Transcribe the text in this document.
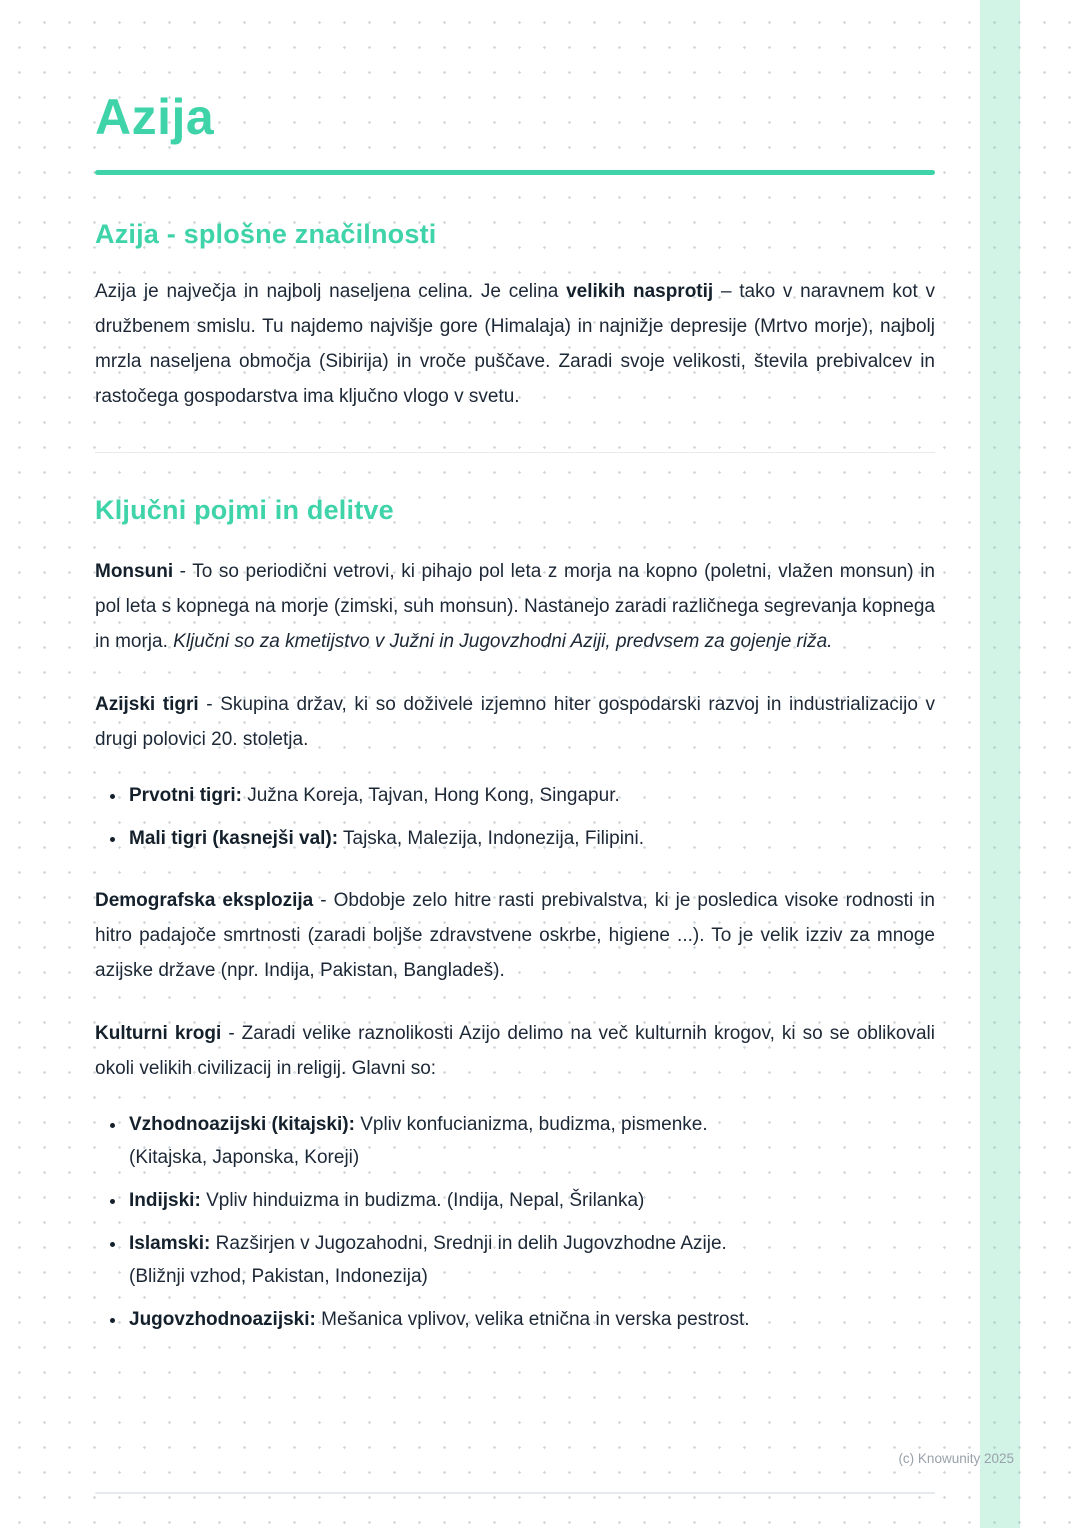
Azija
Azija - splošne značilnosti

Azija je največja in najbolj naseljena celina. Je celina velikih nasprotij – tako v naravnem kot v družbenem smislu. Tu najdemo najvišje gore (Himalaja) in najnižje depresije (Mrtvo morje), najbolj mrzla naseljena območja (Sibirija) in vroče puščave. Zaradi svoje velikosti, števila prebivalcev in rastočega gospodarstva ima ključno vlogo v svetu.

Ključni pojmi in delitve

Monsuni - To so periodični vetrovi, ki pihajo pol leta z morja na kopno (poletni, vlažen monsun) in pol leta s kopnega na morje (zimski, suh monsun). Nastanejo zaradi različnega segrevanja kopnega in morja. Ključni so za kmetijstvo v Južni in Jugovzhodni Aziji, predvsem za gojenje riža.

Azijski tigri - Skupina držav, ki so doživele izjemno hiter gospodarski razvoj in industrializacijo v drugi polovici 20. stoletja.

• Prvotni tigri: Južna Koreja, Tajvan, Hong Kong, Singapur.
• Mali tigri (kasnejši val): Tajska, Malezija, Indonezija, Filipini.

Demografska eksplozija - Obdobje zelo hitre rasti prebivalstva, ki je posledica visoke rodnosti in hitro padajoče smrtnosti (zaradi boljše zdravstvene oskrbe, higiene ...). To je velik izziv za mnoge azijske države (npr. Indija, Pakistan, Bangladeš).

Kulturni krogi - Zaradi velike raznolikosti Azijo delimo na več kulturnih krogov, ki so se oblikovali okoli velikih civilizacij in religij. Glavni so:

• Vzhodnoazijski (kitajski): Vpliv konfucianizma, budizma, pismenke.
(Kitajska, Japonska, Koreji)
• Indijski: Vpliv hinduizma in budizma. (Indija, Nepal, Šrilanka)
• Islamski: Razširjen v Jugozahodni, Srednji in delih Jugovzhodne Azije.
(Bližnji vzhod, Pakistan, Indonezija)
• Jugovzhodnoazijski: Mešanica vplivov, velika etnična in verska pestrost.
(c) Knowunity 2025
